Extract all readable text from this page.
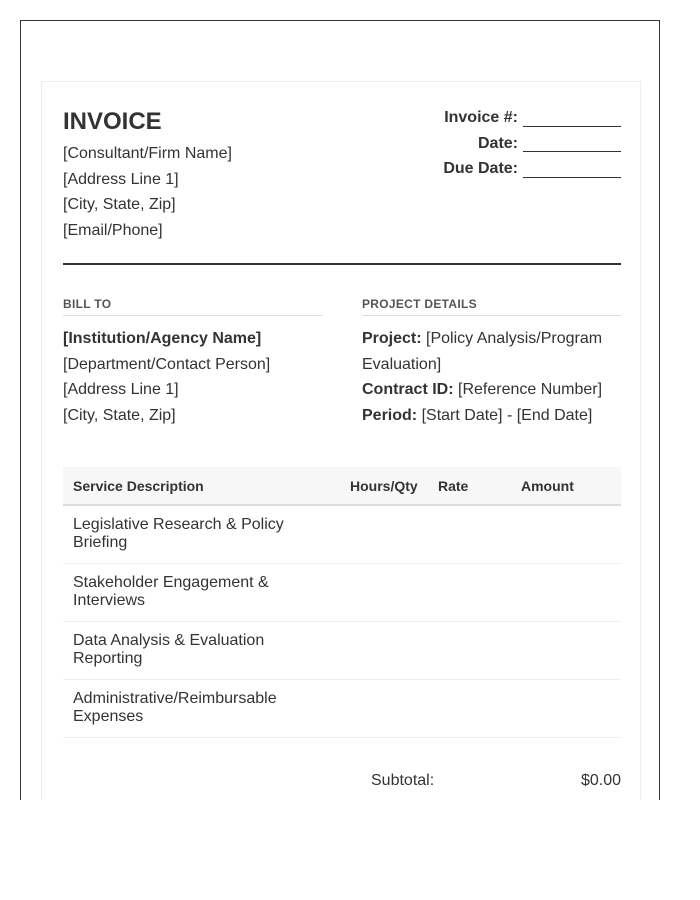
INVOICE
[Consultant/Firm Name]
[Address Line 1]
[City, State, Zip]
[Email/Phone]
Invoice #:
Date:
Due Date:
BILL TO
[Institution/Agency Name]
[Department/Contact Person]
[Address Line 1]
[City, State, Zip]
PROJECT DETAILS
Project: [Policy Analysis/Program Evaluation]
Contract ID: [Reference Number]
Period: [Start Date] - [End Date]
Service Description	Hours/Qty	Rate	Amount
Legislative Research & Policy Briefing			
Stakeholder Engagement & Interviews			
Data Analysis & Evaluation Reporting			
Administrative/Reimbursable Expenses			
Subtotal:	$0.00
